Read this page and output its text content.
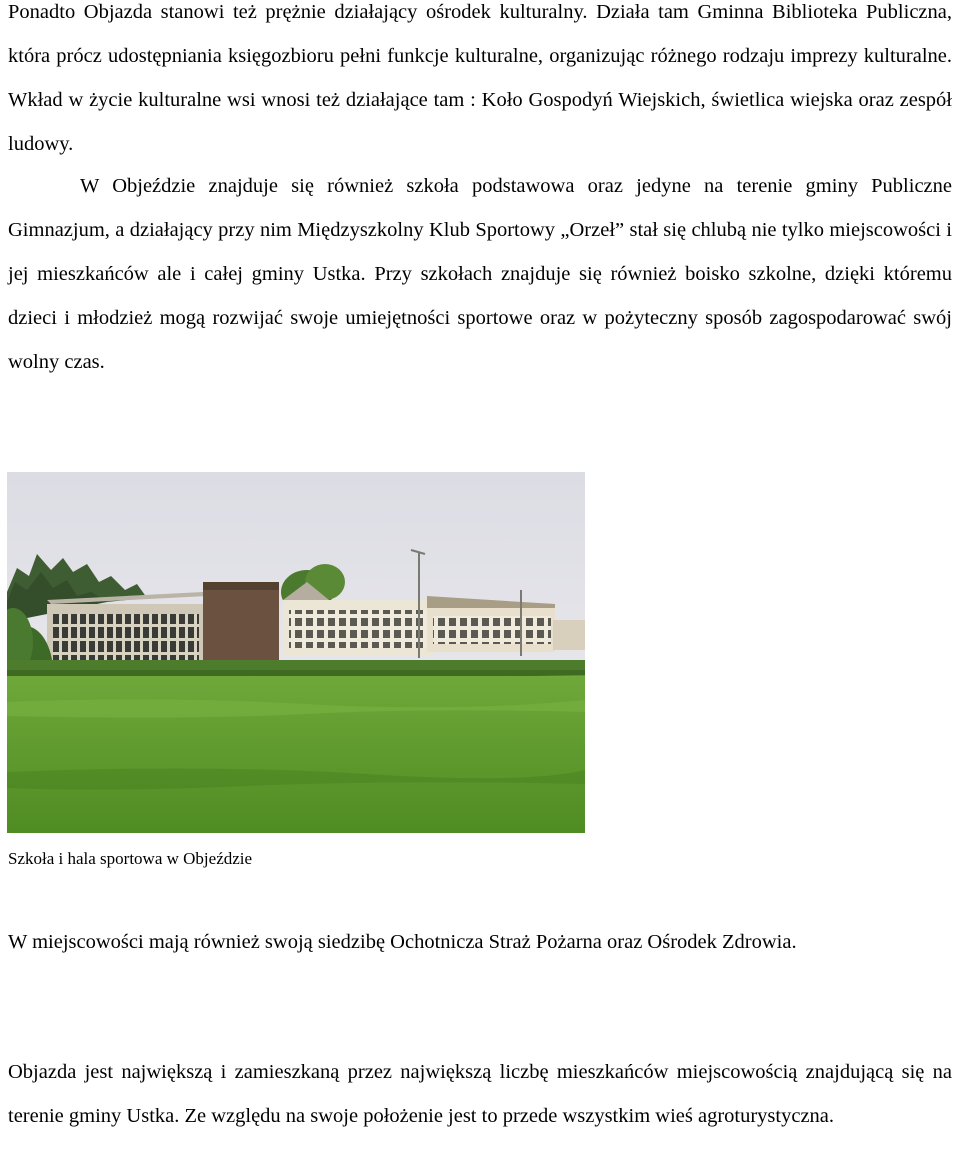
Ponadto Objazda stanowi też prężnie działający ośrodek kulturalny. Działa tam Gminna Biblioteka Publiczna, która prócz udostępniania księgozbioru pełni funkcje kulturalne, organizując różnego rodzaju imprezy kulturalne. Wkład w życie kulturalne wsi wnosi też działające tam : Koło Gospodyń Wiejskich, świetlica wiejska oraz zespół ludowy.

W Objeździe znajduje się również szkoła podstawowa oraz jedyne na terenie gminy Publiczne Gimnazjum, a działający przy nim Międzyszkolny Klub Sportowy „Orzeł” stał się chlubą nie tylko miejscowości i jej mieszkańców ale i całej gminy Ustka. Przy szkołach znajduje się również boisko szkolne, dzięki któremu dzieci i młodzież mogą rozwijać swoje umiejętności sportowe oraz w pożyteczny sposób zagospodarować swój wolny czas.

Szkoła i hala sportowa w Objeździe

W miejscowości mają również swoją siedzibę Ochotnicza Straż Pożarna oraz Ośrodek Zdrowia.

Objazda jest największą i zamieszkaną przez największą liczbę mieszkańców miejscowością znajdującą się na terenie gminy Ustka. Ze względu na swoje położenie jest to przede wszystkim wieś agroturystyczna.
